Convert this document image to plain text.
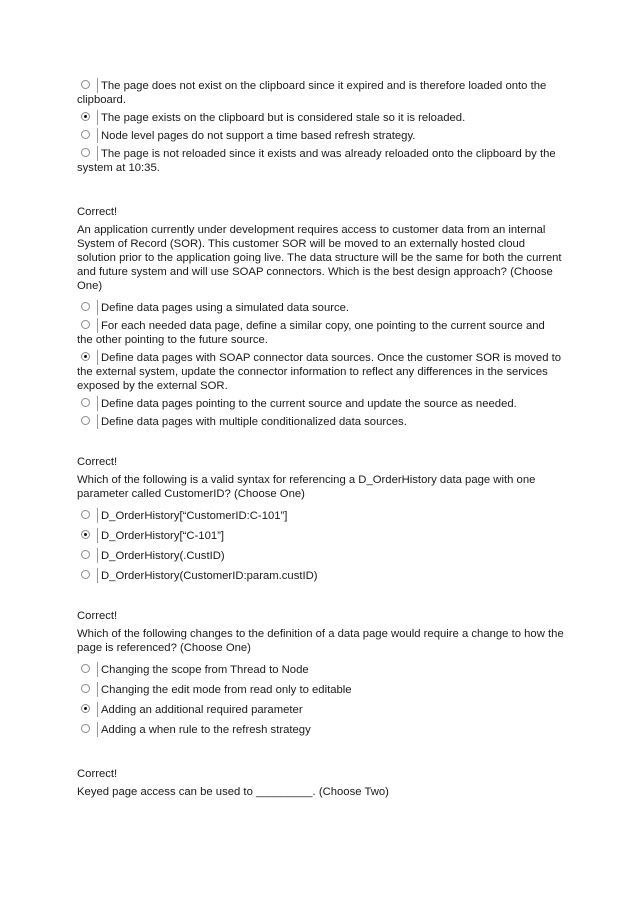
The page does not exist on the clipboard since it expired and is therefore loaded onto the
clipboard.
The page exists on the clipboard but is considered stale so it is reloaded.
Node level pages do not support a time based refresh strategy.
The page is not reloaded since it exists and was already reloaded onto the clipboard by the
system at 10:35.
Correct!
An application currently under development requires access to customer data from an internal System of Record (SOR). This customer SOR will be moved to an externally hosted cloud solution prior to the application going live. The data structure will be the same for both the current and future system and will use SOAP connectors. Which is the best design approach? (Choose One)
Define data pages using a simulated data source.
For each needed data page, define a similar copy, one pointing to the current source and
the other pointing to the future source.
Define data pages with SOAP connector data sources. Once the customer SOR is moved to
the external system, update the connector information to reflect any differences in the services exposed by the external SOR.
Define data pages pointing to the current source and update the source as needed.
Define data pages with multiple conditionalized data sources.
Correct!
Which of the following is a valid syntax for referencing a D_OrderHistory data page with one parameter called CustomerID? (Choose One)
D_OrderHistory[“CustomerID:C-101”]
D_OrderHistory[“C-101”]
D_OrderHistory(.CustID)
D_OrderHistory(CustomerID:param.custID)
Correct!
Which of the following changes to the definition of a data page would require a change to how the page is referenced? (Choose One)
Changing the scope from Thread to Node
Changing the edit mode from read only to editable
Adding an additional required parameter
Adding a when rule to the refresh strategy
Correct!
Keyed page access can be used to _________. (Choose Two)
